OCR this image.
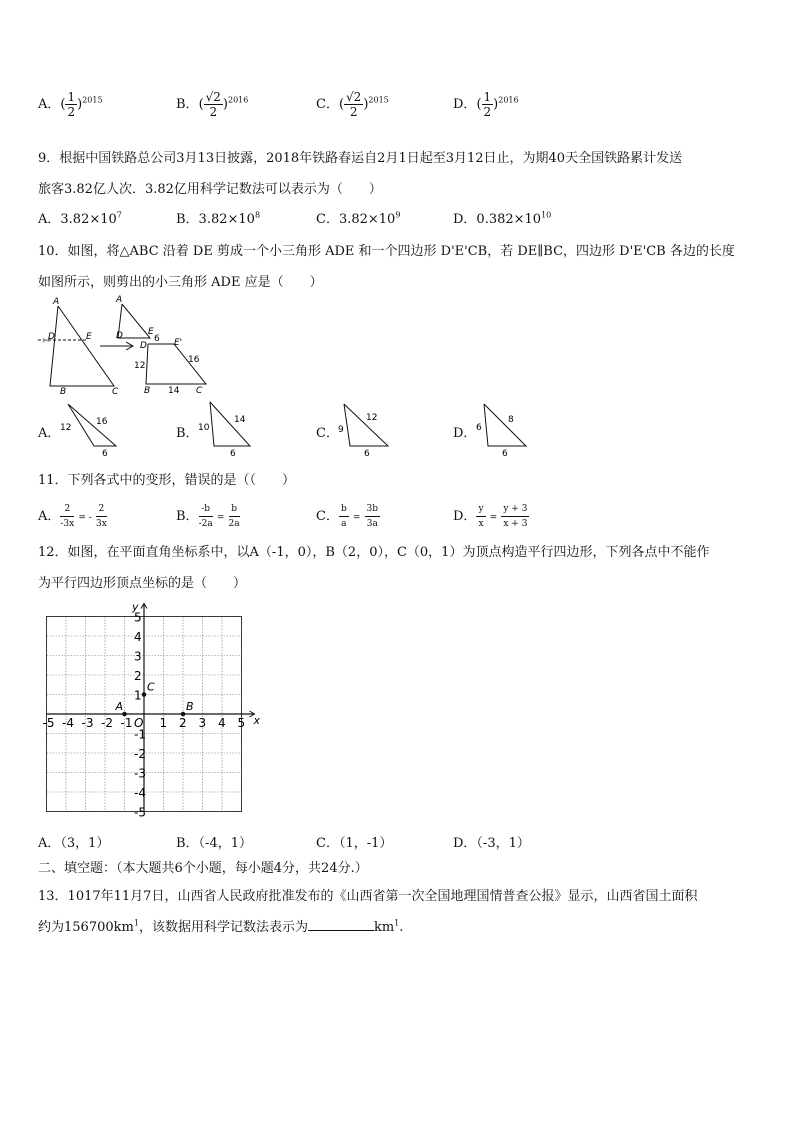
A．( $\frac{1}{2} )^{2015}$	B．( $\frac{√2}{2} )^{2016}$	C．( $\frac{√2}{2} )^{2015}$	D．( $\frac{1}{2} )^{2016}$
9．根据中国铁路总公司3月13日披露，2018年铁路春运自2月1日起至3月12日止，为期40天全国铁路累计发送
旅客3.82亿人次．3.82亿用科学记数法可以表示为（　　）
A．$3.82\times 10^7$	B．$3.82\times 10^8$	C．$3.82\times 10^9$	D．$0.382\times 10^{10}$
10．如图，将△ABC 沿着 DE 剪成一个小三角形 ADE 和一个四边形 D'E'CB，若 DE∥BC，四边形 D'E'CB 各边的长度
如图所示，则剪出的小三角形 ADE 应是（　　）
✂
A
D	E
B	C
A
D	E
D	E'
6
16
12
14
B	C
A． 12
16
6
B． 10
14
6
C． 9
12
6
D． 6
8
6
11．下列各式中的变形，错误的是（（　　）
A． $\frac{2}{-3x}$ = - $\frac{2}{3x}$	B． $\frac{-b}{-2a} = \frac{b}{2a}$	C． $\frac{b}{a} = \frac{3b}{3a}$	D． $\frac{y}{x} = \frac{y + 3}{x + 3}$
12．如图，在平面直角坐标系中，以A（-1，0），B（2，0），C（0，1）为顶点构造平行四边形，下列各点中不能作
为平行四边形顶点坐标的是（　　）
x
y
-5 -4 -3 -2 -1 1 2 3 4 5
-5
-4
-3
-2
-1
1
2
3
4
5
O
A	B
C
A．（3，1）	B．（-4，1）	C．（1，-1）	D．（-3，1）
二、填空题：（本大题共6个小题，每小题4分，共24分.）
13．1017年11月7日，山西省人民政府批准发布的《山西省第一次全国地理国情普查公报》显示，山西省国土面积
约为$156700km^1$，该数据用科学记数法表示为	$km^1$.
